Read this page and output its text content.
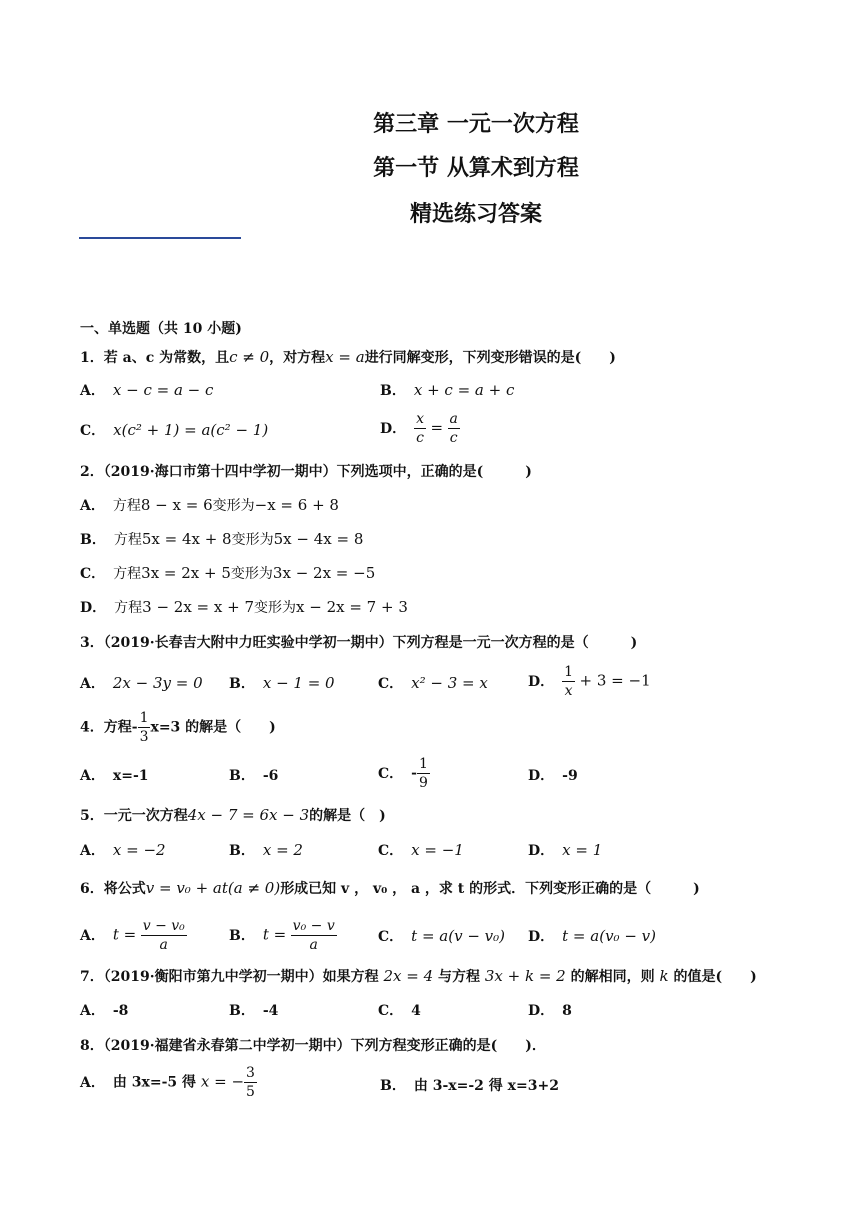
第三章 一元一次方程
第一节 从算术到方程
精选练习答案
一、单选题（共 10 小题)
1．若 a、c 为常数，且c ≠ 0，对方程x = a进行同解变形，下列变形错误的是(　　)
A． x − c = a − c	B． x + c = a + c
C． x(c² + 1) = a(c² − 1)	D． $\frac{x}{c} = \frac{a}{c}$
2．（2019·海口市第十四中学初一期中）下列选项中，正确的是(　　　)
A． 方程8 − x = 6变形为−x = 6 + 8
B． 方程5x = 4x + 8变形为5x − 4x = 8
C． 方程3x = 2x + 5变形为3x − 2x = −5
D． 方程3 − 2x = x + 7变形为x − 2x = 7 + 3
3．（2019·长春吉大附中力旺实验中学初一期中）下列方程是一元一次方程的是（　　　)
A． 2x − 3y = 0 B． x − 1 = 0	C． x² − 3 = x	D． $\frac{1}{x} + 3 = -1$
4．方程- $\frac{1}{3} x=3$ 的解是（　　)
A． x=-1	B． -6	C． - $\frac{1}{9}$	D． -9
5．一元一次方程4x − 7 = 6x − 3的解是（　)
A． x = −2	B． x = 2	C． x = −1	D． x = 1
6．将公式v = v₀ + at(a ≠ 0)形成已知 v ， v₀ ， a ，求 t 的形式．下列变形正确的是（　　　)
A． $t = \frac{\text{v − v₀}}{a}$	B． $t = \frac{\text{v₀ − v}}{a}$	C． t = a(v − v₀) D． t = a(v₀ − v)
7．（2019·衡阳市第九中学初一期中）如果方程 2x = 4 与方程 3x + k = 2 的解相同，则 k 的值是(　　)
A． -8	B． -4	C． 4	D． 8
8．（2019·福建省永春第二中学初一期中）下列方程变形正确的是(　　)．
A． 由 3x=-5 得 x = − $\frac{3}{5}$	B． 由 3-x=-2 得 x=3+2
